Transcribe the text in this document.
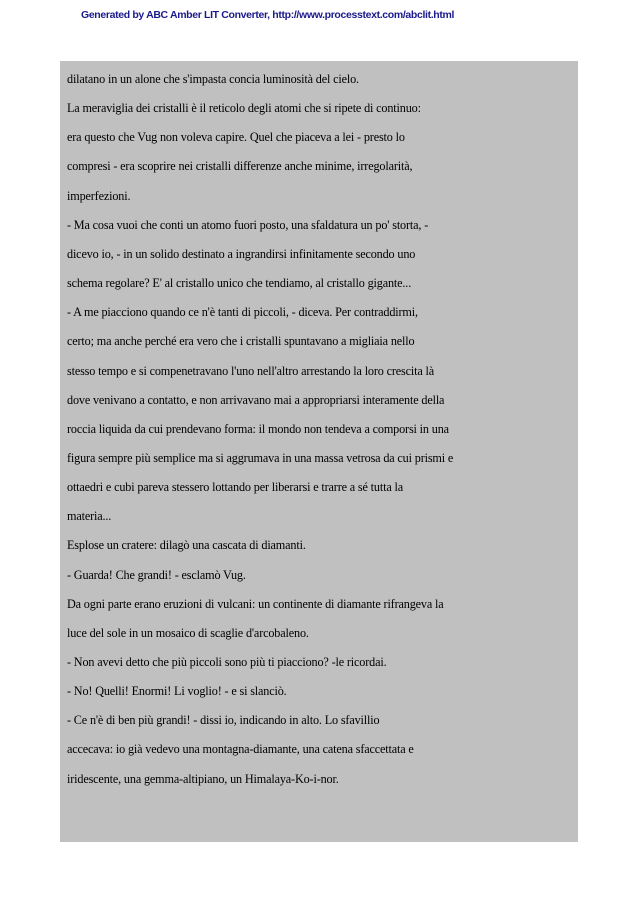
Generated by ABC Amber LIT Converter, http://www.processtext.com/abclit.html
dilatano in un alone che s'impasta concia luminosità del cielo.
La meraviglia dei cristalli è il reticolo degli atomi che si ripete di continuo:
era questo che Vug non voleva capire. Quel che piaceva a lei - presto lo
compresi - era scoprire nei cristalli differenze anche minime, irregolarità,
imperfezioni.
- Ma cosa vuoi che conti un atomo fuori posto, una sfaldatura un po' storta, -
dicevo io, - in un solido destinato a ingrandirsi infinitamente secondo uno
schema regolare? E' al cristallo unico che tendiamo, al cristallo gigante...
- A me piacciono quando ce n'è tanti di piccoli, - diceva. Per contraddirmi,
certo; ma anche perché era vero che i cristalli spuntavano a migliaia nello
stesso tempo e si compenetravano l'uno nell'altro arrestando la loro crescita là
dove venivano a contatto, e non arrivavano mai a appropriarsi interamente della
roccia liquida da cui prendevano forma: il mondo non tendeva a comporsi in una
figura sempre più semplice ma si aggrumava in una massa vetrosa da cui prismi e
ottaedri e cubi pareva stessero lottando per liberarsi e trarre a sé tutta la
materia...
Esplose un cratere: dilagò una cascata di diamanti.
- Guarda! Che grandi! - esclamò Vug.
Da ogni parte erano eruzioni di vulcani: un continente di diamante rifrangeva la
luce del sole in un mosaico di scaglie d'arcobaleno.
- Non avevi detto che più piccoli sono più ti piacciono? -le ricordai.
- No! Quelli! Enormi! Li voglio! - e si slanciò.
- Ce n'è di ben più grandi! - dissi io, indicando in alto. Lo sfavillio
accecava: io già vedevo una montagna-diamante, una catena sfaccettata e
iridescente, una gemma-altipiano, un Himalaya-Ko-i-nor.
